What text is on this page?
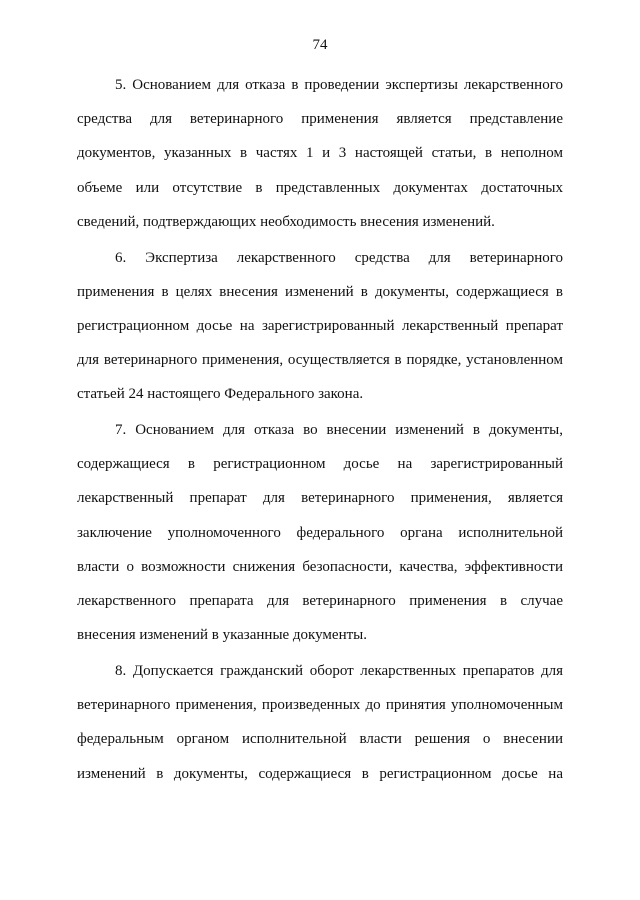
74
5. Основанием для отказа в проведении экспертизы лекарственного
средства для ветеринарного применения является представление
документов, указанных в частях 1 и 3 настоящей статьи, в неполном
объеме или отсутствие в представленных документах достаточных
сведений, подтверждающих необходимость внесения изменений.
6. Экспертиза лекарственного средства для ветеринарного
применения в целях внесения изменений в документы, содержащиеся в
регистрационном досье на зарегистрированный лекарственный препарат
для ветеринарного применения, осуществляется в порядке, установленном
статьей 24 настоящего Федерального закона.
7. Основанием для отказа во внесении изменений в документы,
содержащиеся в регистрационном досье на зарегистрированный
лекарственный препарат для ветеринарного применения, является
заключение уполномоченного федерального органа исполнительной
власти о возможности снижения безопасности, качества, эффективности
лекарственного препарата для ветеринарного применения в случае
внесения изменений в указанные документы.
8. Допускается гражданский оборот лекарственных препаратов для
ветеринарного применения, произведенных до принятия уполномоченным
федеральным органом исполнительной власти решения о внесении
изменений в документы, содержащиеся в регистрационном досье на
